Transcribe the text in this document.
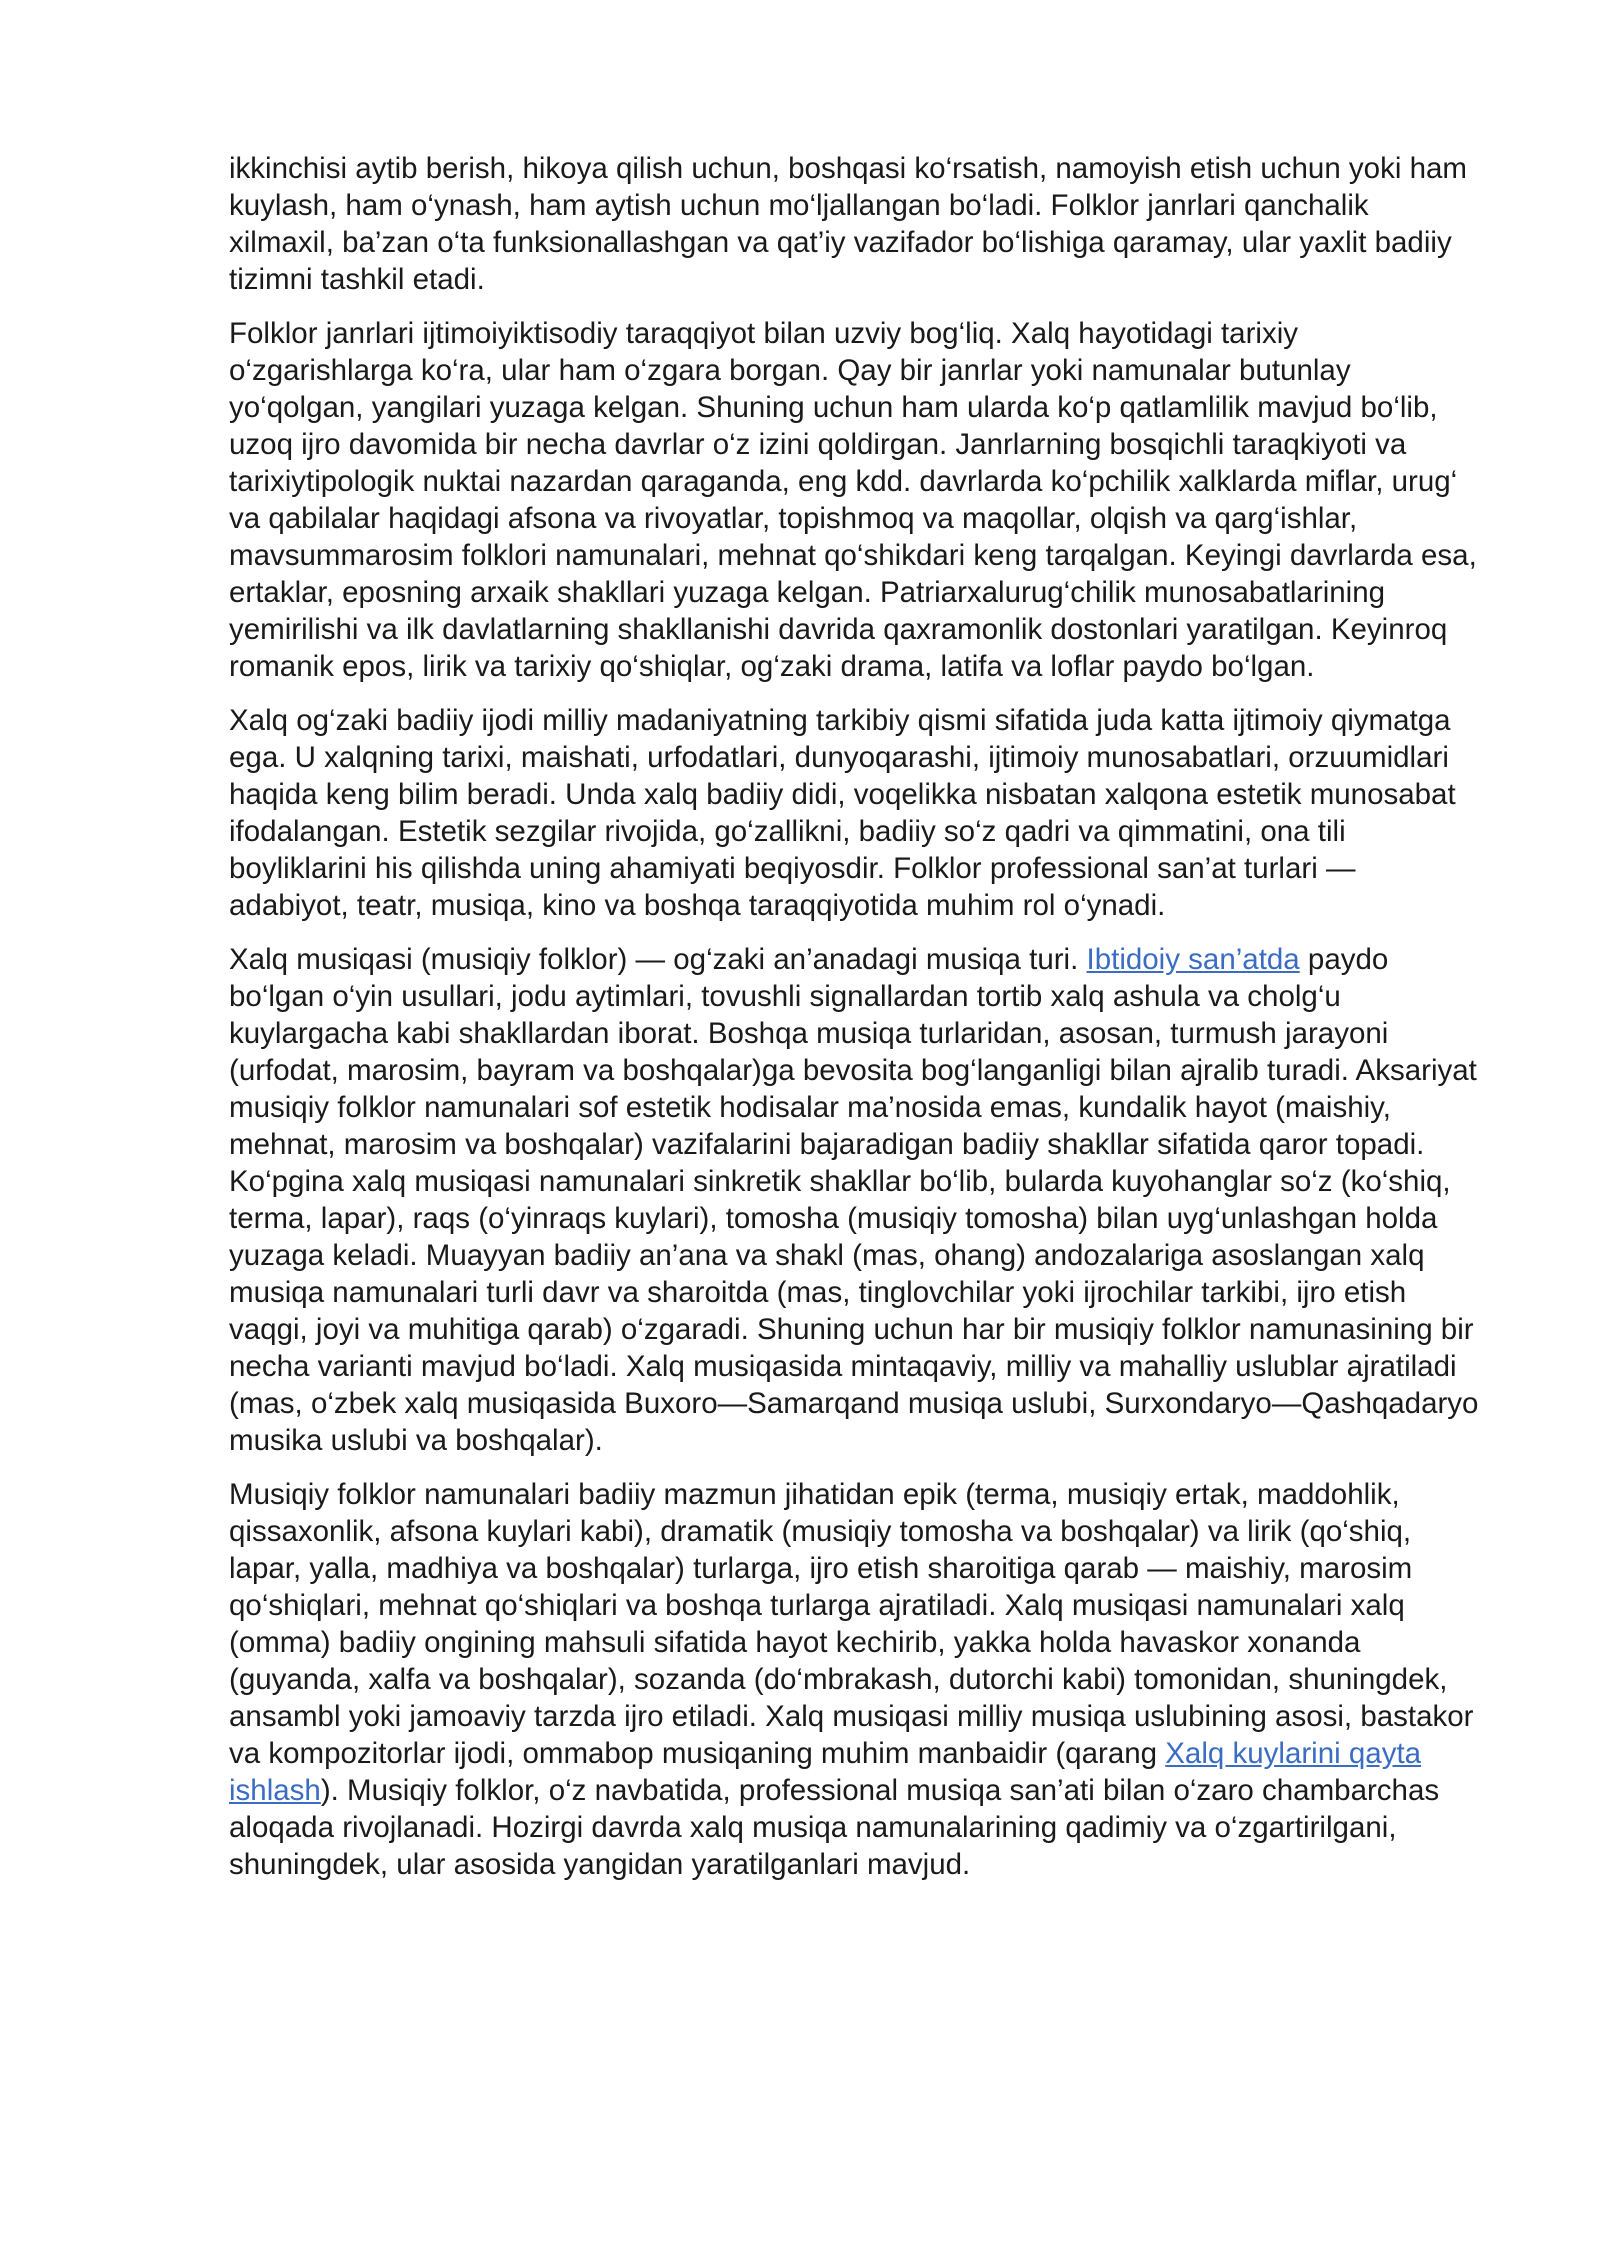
ikkinchisi aytib berish, hikoya qilish uchun, boshqasi ko‘rsatish, namoyish etish uchun yoki ham kuylash, ham o‘ynash, ham aytish uchun mo‘ljallangan bo‘ladi. Folklor janrlari qanchalik xilmaxil, ba’zan o‘ta funksionallashgan va qat’iy vazifador bo‘lishiga qaramay, ular yaxlit badiiy tizimni tashkil etadi.

Folklor janrlari ijtimoiyiktisodiy taraqqiyot bilan uzviy bog‘liq. Xalq hayotidagi tarixiy o‘zgarishlarga ko‘ra, ular ham o‘zgara borgan. Qay bir janrlar yoki namunalar butunlay yo‘qolgan, yangilari yuzaga kelgan. Shuning uchun ham ularda ko‘p qatlamlilik mavjud bo‘lib, uzoq ijro davomida bir necha davrlar o‘z izini qoldirgan. Janrlarning bosqichli taraqkiyoti va tarixiytipologik nuktai nazardan qaraganda, eng kdd. davrlarda ko‘pchilik xalklarda miflar, urug‘ va qabilalar haqidagi afsona va rivoyatlar, topishmoq va maqollar, olqish va qarg‘ishlar, mavsummarosim folklori namunalari, mehnat qo‘shikdari keng tarqalgan. Keyingi davrlarda esa, ertaklar, eposning arxaik shakllari yuzaga kelgan. Patriarxalurug‘chilik munosabatlarining yemirilishi va ilk davlatlarning shakllanishi davrida qaxramonlik dostonlari yaratilgan. Keyinroq romanik epos, lirik va tarixiy qo‘shiqlar, og‘zaki drama, latifa va loflar paydo bo‘lgan.

Xalq og‘zaki badiiy ijodi milliy madaniyatning tarkibiy qismi sifatida juda katta ijtimoiy qiymatga ega. U xalqning tarixi, maishati, urfodatlari, dunyoqarashi, ijtimoiy munosabatlari, orzuumidlari haqida keng bilim beradi. Unda xalq badiiy didi, voqelikka nisbatan xalqona estetik munosabat ifodalangan. Estetik sezgilar rivojida, go‘zallikni, badiiy so‘z qadri va qimmatini, ona tili boyliklarini his qilishda uning ahamiyati beqiyosdir. Folklor professional san’at turlari — adabiyot, teatr, musiqa, kino va boshqa taraqqiyotida muhim rol o‘ynadi.

Xalq musiqasi (musiqiy folklor) — og‘zaki an’anadagi musiqa turi. Ibtidoiy san’atda paydo bo‘lgan o‘yin usullari, jodu aytimlari, tovushli signallardan tortib xalq ashula va cholg‘u kuylargacha kabi shakllardan iborat. Boshqa musiqa turlaridan, asosan, turmush jarayoni (urfodat, marosim, bayram va boshqalar)ga bevosita bog‘langanligi bilan ajralib turadi. Aksariyat musiqiy folklor namunalari sof estetik hodisalar ma’nosida emas, kundalik hayot (maishiy, mehnat, marosim va boshqalar) vazifalarini bajaradigan badiiy shakllar sifatida qaror topadi. Ko‘pgina xalq musiqasi namunalari sinkretik shakllar bo‘lib, bularda kuyohanglar so‘z (ko‘shiq, terma, lapar), raqs (o‘yinraqs kuylari), tomosha (musiqiy tomosha) bilan uyg‘unlashgan holda yuzaga keladi. Muayyan badiiy an’ana va shakl (mas, ohang) andozalariga asoslangan xalq musiqa namunalari turli davr va sharoitda (mas, tinglovchilar yoki ijrochilar tarkibi, ijro etish vaqgi, joyi va muhitiga qarab) o‘zgaradi. Shuning uchun har bir musiqiy folklor namunasining bir necha varianti mavjud bo‘ladi. Xalq musiqasida mintaqaviy, milliy va mahalliy uslublar ajratiladi (mas, o‘zbek xalq musiqasida Buxoro—Samarqand musiqa uslubi, Surxondaryo—Qashqadaryo musika uslubi va boshqalar).

Musiqiy folklor namunalari badiiy mazmun jihatidan epik (terma, musiqiy ertak, maddohlik, qissaxonlik, afsona kuylari kabi), dramatik (musiqiy tomosha va boshqalar) va lirik (qo‘shiq, lapar, yalla, madhiya va boshqalar) turlarga, ijro etish sharoitiga qarab — maishiy, marosim qo‘shiqlari, mehnat qo‘shiqlari va boshqa turlarga ajratiladi. Xalq musiqasi namunalari xalq (omma) badiiy ongining mahsuli sifatida hayot kechirib, yakka holda havaskor xonanda (guyanda, xalfa va boshqalar), sozanda (do‘mbrakash, dutorchi kabi) tomonidan, shuningdek, ansambl yoki jamoaviy tarzda ijro etiladi. Xalq musiqasi milliy musiqa uslubining asosi, bastakor va kompozitorlar ijodi, ommabop musiqaning muhim manbaidir (qarang Xalq kuylarini qayta ishlash). Musiqiy folklor, o‘z navbatida, professional musiqa san’ati bilan o‘zaro chambarchas aloqada rivojlanadi. Hozirgi davrda xalq musiqa namunalarining qadimiy va o‘zgartirilgani, shuningdek, ular asosida yangidan yaratilganlari mavjud.
